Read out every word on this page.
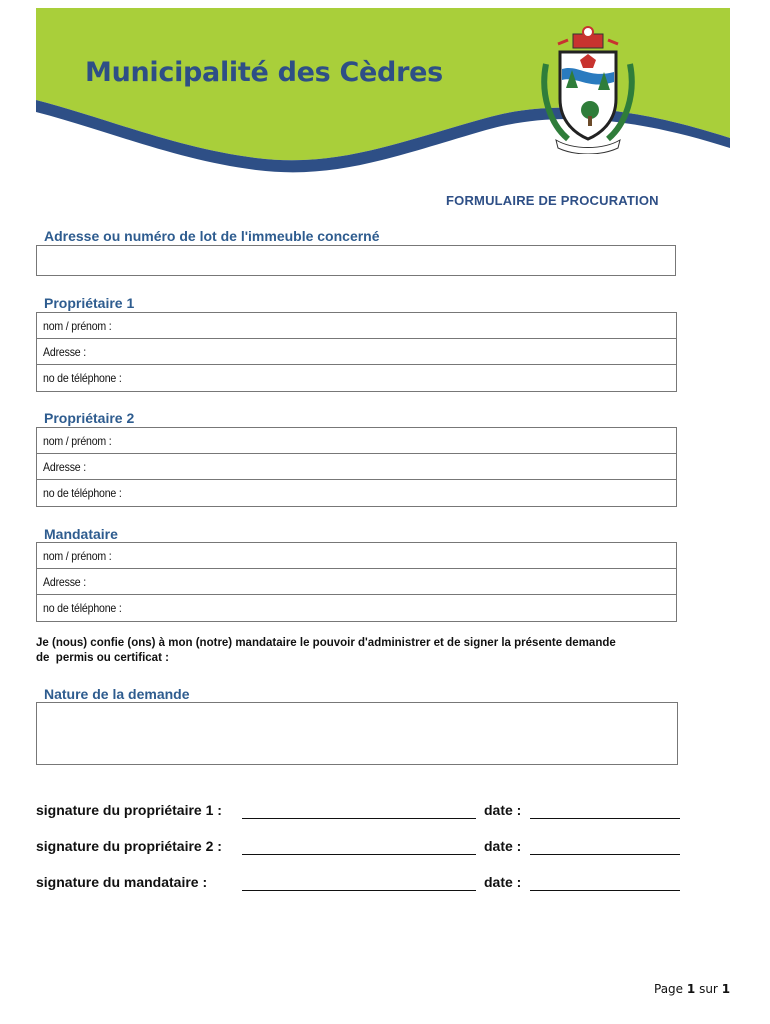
Municipalité des Cèdres
FORMULAIRE DE PROCURATION
Adresse ou numéro de lot de l'immeuble concerné
Propriétaire 1
nom / prénom :
Adresse :
no de téléphone :
Propriétaire 2
nom / prénom :
Adresse :
no de téléphone :
Mandataire
nom / prénom :
Adresse :
no de téléphone :
Je (nous) confie (ons) à mon (notre) mandataire le pouvoir d'administrer et de signer la présente demande
de  permis ou certificat :
Nature de la demande
signature du propriétaire 1 :	date :
signature du propriétaire 2 :	date :
signature du mandataire :	date :
Page 1 sur 1
